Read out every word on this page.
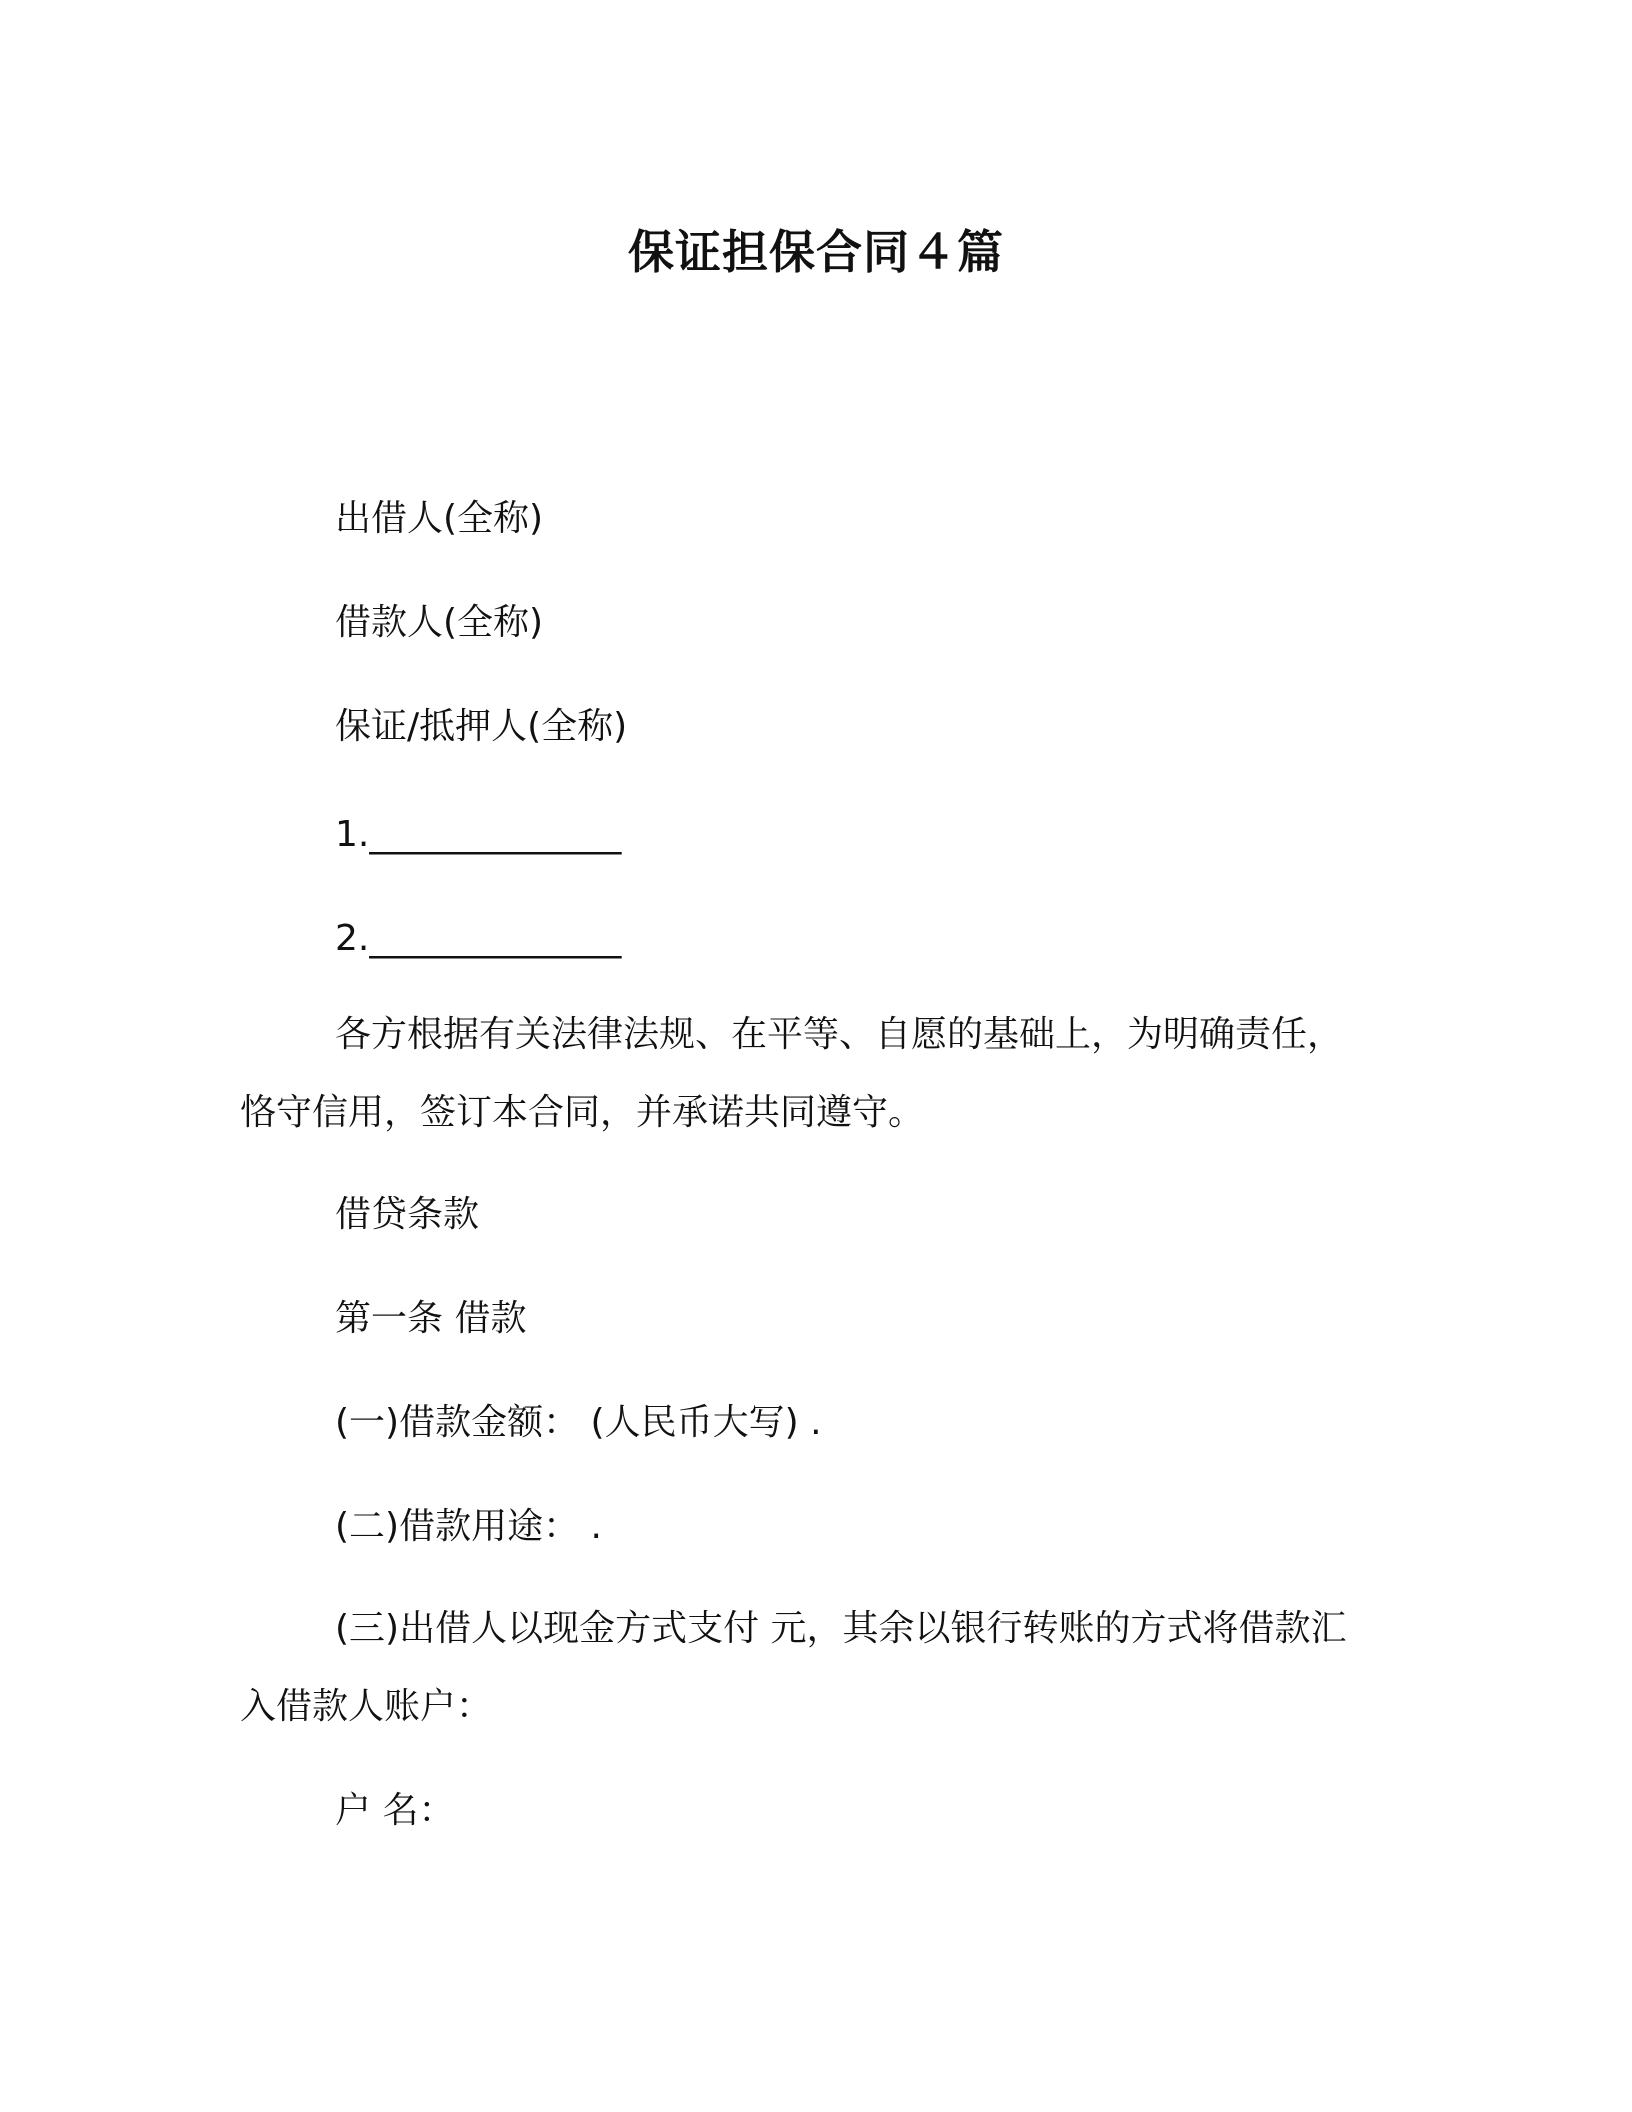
保证担保合同４篇
出借人(全称)
借款人(全称)
保证/抵押人(全称)
1.______________
2.______________
各方根据有关法律法规、在平等、自愿的基础上，为明确责任，
恪守信用，签订本合同，并承诺共同遵守。
借贷条款
第一条 借款
(一)借款金额： (人民币大写) .
(二)借款用途： .
(三)出借人以现金方式支付 元，其余以银行转账的方式将借款汇
入借款人账户：
户 名：
